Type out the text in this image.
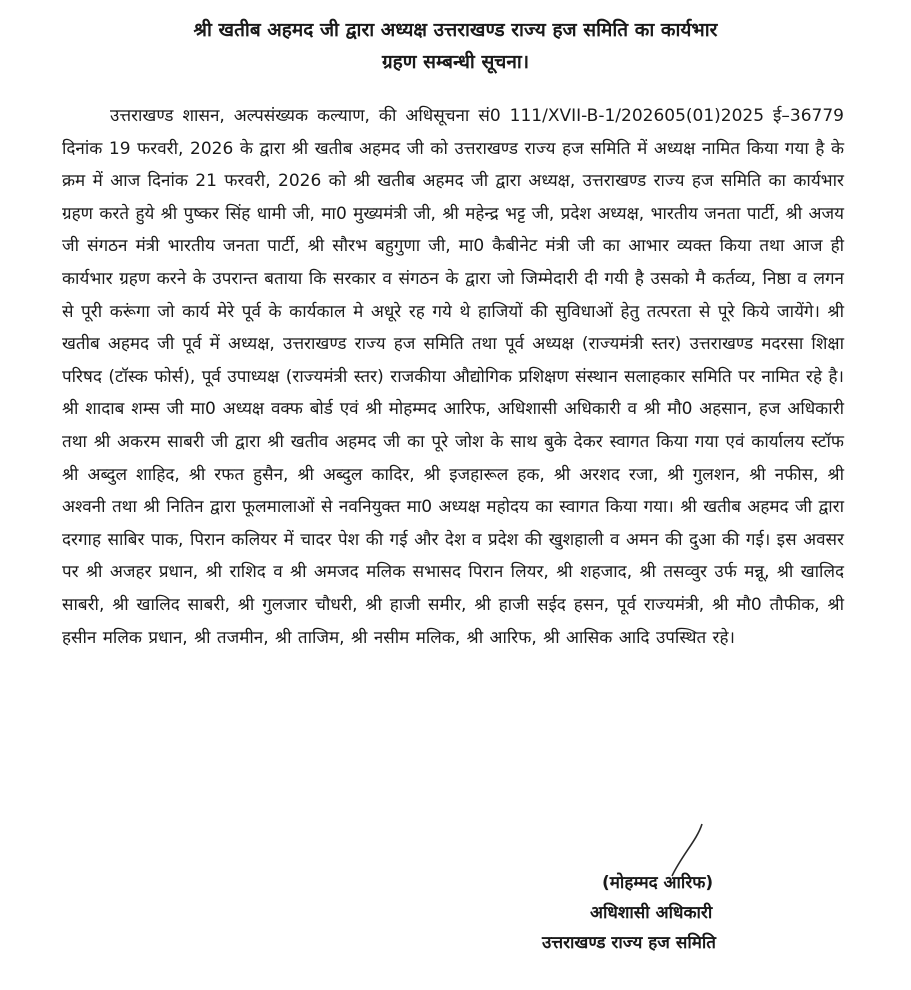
श्री खतीब अहमद जी द्वारा अध्यक्ष उत्तराखण्ड राज्य हज समिति का कार्यभार
ग्रहण सम्बन्धी सूचना।

उत्तराखण्ड शासन, अल्पसंख्यक कल्याण, की अधिसूचना सं0 111/XVII-B-1/202605(01)2025 ई–36779 दिनांक 19 फरवरी, 2026 के द्वारा श्री खतीब अहमद जी को उत्तराखण्ड राज्य हज समिति में अध्यक्ष नामित किया गया है के क्रम में आज दिनांक 21 फरवरी, 2026 को श्री खतीब अहमद जी द्वारा अध्यक्ष, उत्तराखण्ड राज्य हज समिति का कार्यभार ग्रहण करते हुये श्री पुष्कर सिंह धामी जी, मा0 मुख्यमंत्री जी, श्री महेन्द्र भट्ट जी, प्रदेश अध्यक्ष, भारतीय जनता पार्टी, श्री अजय जी संगठन मंत्री भारतीय जनता पार्टी, श्री सौरभ बहुगुणा जी, मा0 कैबीनेट मंत्री जी का आभार व्यक्त किया तथा आज ही कार्यभार ग्रहण करने के उपरान्त बताया कि सरकार व संगठन के द्वारा जो जिम्मेदारी दी गयी है उसको मै कर्तव्य, निष्ठा व लगन से पूरी करूंगा जो कार्य मेरे पूर्व के कार्यकाल मे अधूरे रह गये थे हाजियों की सुविधाओं हेतु तत्परता से पूरे किये जायेंगे। श्री खतीब अहमद जी पूर्व में अध्यक्ष, उत्तराखण्ड राज्य हज समिति तथा पूर्व अध्यक्ष (राज्यमंत्री स्तर) उत्तराखण्ड मदरसा शिक्षा परिषद (टॉस्क फोर्स), पूर्व उपाध्यक्ष (राज्यमंत्री स्तर) राजकीया औद्योगिक प्रशिक्षण संस्थान सलाहकार समिति पर नामित रहे है। श्री शादाब शम्स जी मा0 अध्यक्ष वक्फ बोर्ड एवं श्री मोहम्मद आरिफ, अधिशासी अधिकारी व श्री मौ0 अहसान, हज अधिकारी तथा श्री अकरम साबरी जी द्वारा श्री खतीव अहमद जी का पूरे जोश के साथ बुके देकर स्वागत किया गया एवं कार्यालय स्टॉफ श्री अब्दुल शाहिद, श्री रफत हुसैन, श्री अब्दुल कादिर, श्री इजहारूल हक, श्री अरशद रजा, श्री गुलशन, श्री नफीस, श्री अश्वनी तथा श्री नितिन द्वारा फूलमालाओं से नवनियुक्त मा0 अध्यक्ष महोदय का स्वागत किया गया। श्री खतीब अहमद जी द्वारा दरगाह साबिर पाक, पिरान कलियर में चादर पेश की गई और देश व प्रदेश की खुशहाली व अमन की दुआ की गई। इस अवसर पर श्री अजहर प्रधान, श्री राशिद व श्री अमजद मलिक सभासद पिरान लियर, श्री शहजाद, श्री तसव्वुर उर्फ मन्नू, श्री खालिद साबरी, श्री खालिद साबरी, श्री गुलजार चौधरी, श्री हाजी समीर, श्री हाजी सईद हसन, पूर्व राज्यमंत्री, श्री मौ0 तौफीक, श्री हसीन मलिक प्रधान, श्री तजमीन, श्री ताजिम, श्री नसीम मलिक, श्री आरिफ, श्री आसिक आदि उपस्थित रहे।

(मोहम्मद आरिफ)
अधिशासी अधिकारी
उत्तराखण्ड राज्य हज समिति
